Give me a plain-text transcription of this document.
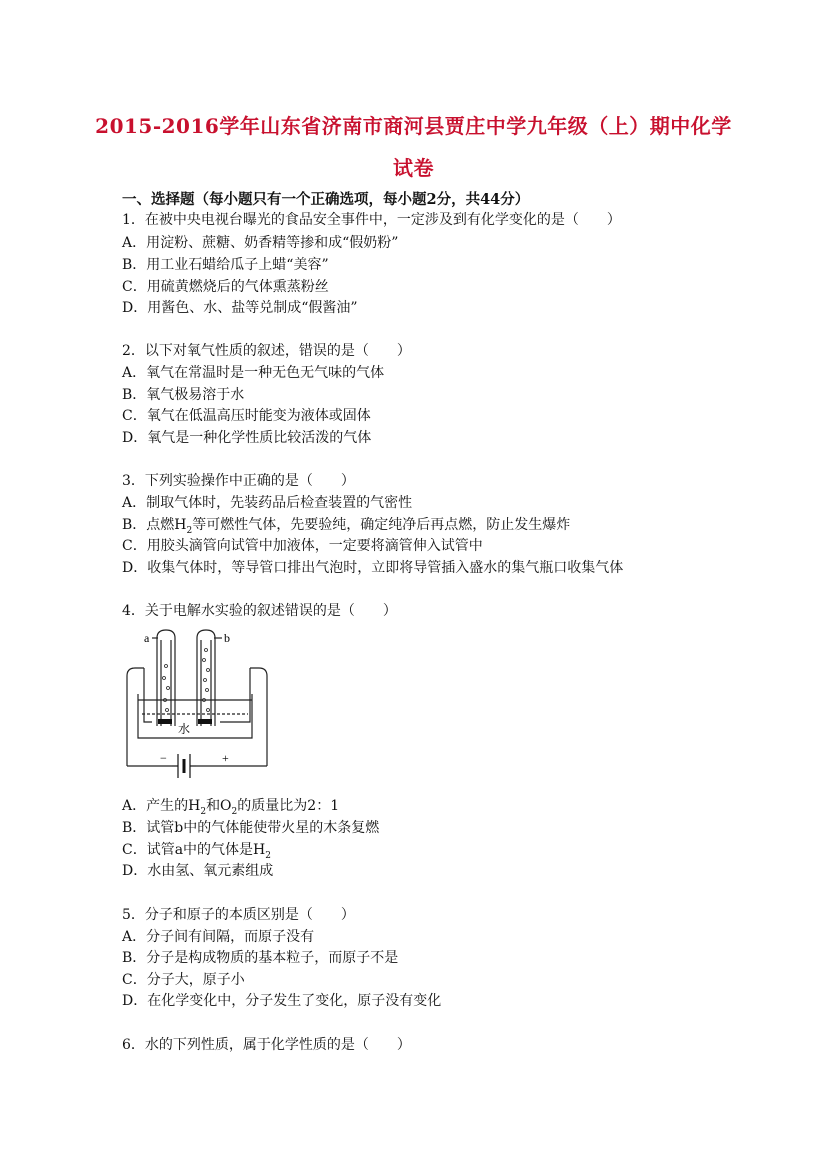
2015-2016学年山东省济南市商河县贾庄中学九年级（上）期中化学
试卷
一、选择题（每小题只有一个正确选项，每小题2分，共44分）
1．在被中央电视台曝光的食品安全事件中，一定涉及到有化学变化的是（　　）
A．用淀粉、蔗糖、奶香精等掺和成“假奶粉”
B．用工业石蜡给瓜子上蜡“美容”
C．用硫黄燃烧后的气体熏蒸粉丝
D．用酱色、水、盐等兑制成“假酱油”
2．以下对氧气性质的叙述，错误的是（　　）
A．氧气在常温时是一种无色无气味的气体
B．氧气极易溶于水
C．氧气在低温高压时能变为液体或固体
D．氧气是一种化学性质比较活泼的气体
3．下列实验操作中正确的是（　　）
A．制取气体时，先装药品后检查装置的气密性
B．点燃$H_2$等可燃性气体，先要验纯，确定纯净后再点燃，防止发生爆炸
C．用胶头滴管向试管中加液体，一定要将滴管伸入试管中
D．收集气体时，等导管口排出气泡时，立即将导管插入盛水的集气瓶口收集气体
4．关于电解水实验的叙述错误的是（　　）
a	b
水
−	+
A．产生的$H_2$和$O_2$的质量比为2：1
B．试管b中的气体能使带火星的木条复燃
C．试管a中的气体是$H_2$
D．水由氢、氧元素组成
5．分子和原子的本质区别是（　　）
A．分子间有间隔，而原子没有
B．分子是构成物质的基本粒子，而原子不是
C．分子大，原子小
D．在化学变化中，分子发生了变化，原子没有变化
6．水的下列性质，属于化学性质的是（　　）
